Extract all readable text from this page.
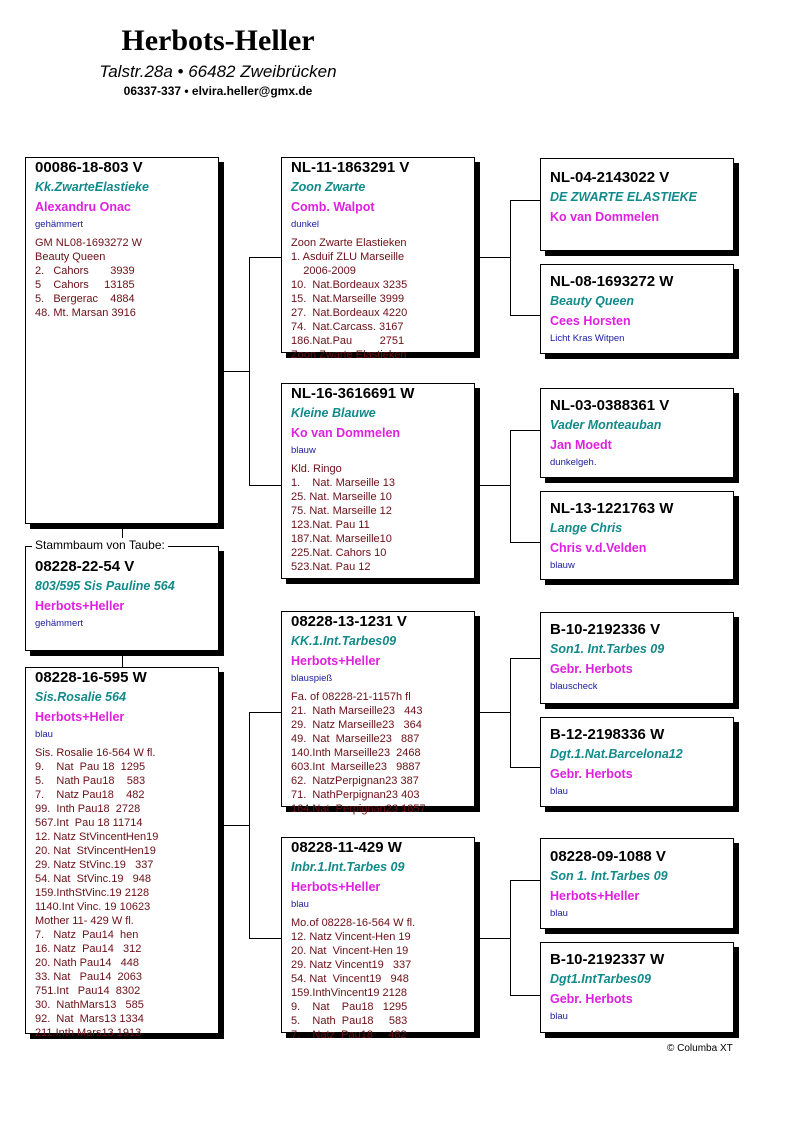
Herbots-Heller
Talstr.28a • 66482 Zweibrücken
06337-337 • elvira.heller@gmx.de
08228-22-54 V
803/595 Sis Pauline 564
Herbots+Heller
gehämmert
Stammbaum von Taube:
00086-18-803 V
Kk.ZwarteElastieke
Alexandru Onac
gehämmert
GM NL08-1693272 W
Beauty Queen
2.   Cahors       3939
5    Cahors     13185
5.   Bergerac    4884
48. Mt. Marsan 3916
08228-16-595 W
Sis.Rosalie 564
Herbots+Heller
blau
Sis. Rosalie 16-564 W fl.
9.    Nat  Pau 18  1295
5.    Nath Pau18    583
7.    Natz Pau18    482
99.  Inth Pau18  2728
567.Int  Pau 18 11714
12. Natz StVincentHen19
20. Nat  StVincentHen19
29. Natz StVinc.19   337
54. Nat  StVinc.19   948
159.InthStVinc.19 2128
1140.Int Vinc. 19 10623
Mother 11- 429 W fl.
7.   Natz  Pau14  hen
16. Natz  Pau14   312
20. Nath Pau14   448
33. Nat   Pau14  2063
751.Int   Pau14  8302
30.  NathMars13   585
92.  Nat  Mars13 1334
211.Inth Mars13 1913
NL-11-1863291 V
Zoon Zwarte
Comb. Walpot
dunkel
Zoon Zwarte Elastieken
1. Asduif ZLU Marseille
2006-2009
10.  Nat.Bordeaux 3235
15.  Nat.Marseille 3999
27.  Nat.Bordeaux 4220
74.  Nat.Carcass. 3167
186.Nat.Pau         2751
Zoon Zwarte Elastieken
NL-16-3616691 W
Kleine Blauwe
Ko van Dommelen
blauw
Kld. Ringo
1.    Nat. Marseille 13
25. Nat. Marseille 10
75. Nat. Marseille 12
123.Nat. Pau 11
187.Nat. Marseille10
225.Nat. Cahors 10
523.Nat. Pau 12
08228-13-1231 V
KK.1.Int.Tarbes09
Herbots+Heller
blauspieß
Fa. of 08228-21-1157h fl
21.  Nath Marseille23   443
29.  Natz Marseille23   364
49.  Nat  Marseille23   887
140.Inth Marseille23  2468
603.Int  Marseille23   9887
62.  NatzPerpignan23 387
71.  NathPerpignan23 403
164.Nat  Perpignan23 1857
08228-11-429 W
Inbr.1.Int.Tarbes 09
Herbots+Heller
blau
Mo.of 08228-16-564 W fl.
12. Natz Vincent-Hen 19
20. Nat  Vincent-Hen 19
29. Natz Vincent19   337
54. Nat  Vincent19   948
159.InthVincent19 2128
9.    Nat    Pau18   1295
5.    Nath  Pau18     583
7.    Natz  Pau18     482
NL-04-2143022 V
DE ZWARTE ELASTIEKE
Ko van Dommelen
NL-08-1693272 W
Beauty Queen
Cees Horsten
Licht Kras Witpen
NL-03-0388361 V
Vader Monteauban
Jan Moedt
dunkelgeh.
NL-13-1221763 W
Lange Chris
Chris v.d.Velden
blauw
B-10-2192336 V
Son1. Int.Tarbes 09
Gebr. Herbots
blauscheck
B-12-2198336 W
Dgt.1.Nat.Barcelona12
Gebr. Herbots
blau
08228-09-1088 V
Son 1. Int.Tarbes 09
Herbots+Heller
blau
B-10-2192337 W
Dgt1.IntTarbes09
Gebr. Herbots
blau
© Columba XT
